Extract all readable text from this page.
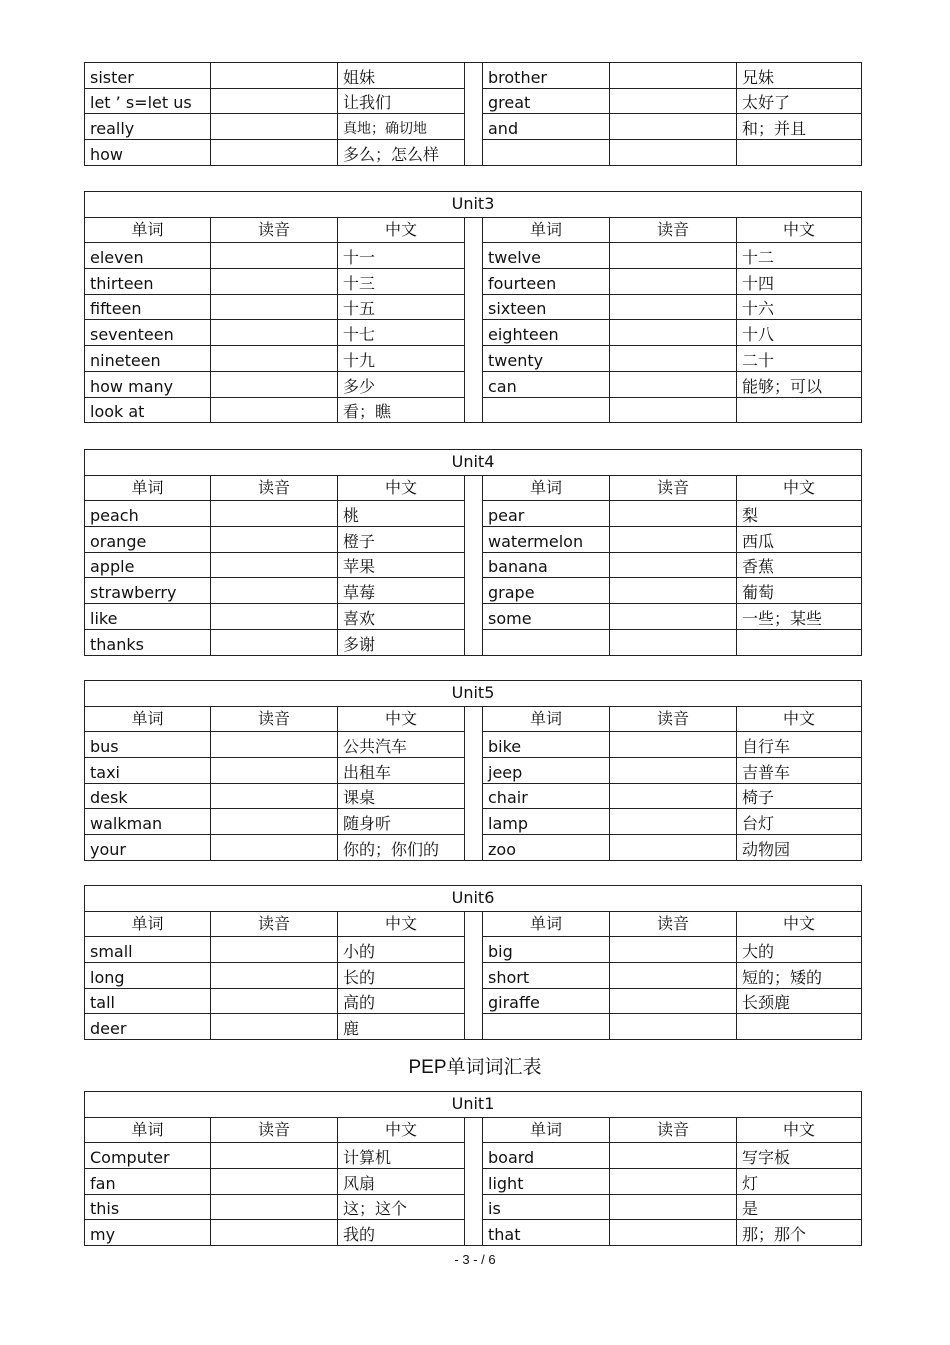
sister		姐妹		brother		兄妹
let ’ s=let us		让我们		great		太好了
really		真地；确切地		and		和；并且
how		多么；怎么样				
Unit3						
单词	读音	中文		单词	读音	中文
eleven		十一		twelve		十二
thirteen		十三		fourteen		十四
fifteen		十五		sixteen		十六
seventeen		十七		eighteen		十八
nineteen		十九		twenty		二十
how many		多少		can		能够；可以
look at		看；瞧				
Unit4						
单词	读音	中文		单词	读音	中文
peach		桃		pear		梨
orange		橙子		watermelon		西瓜
apple		苹果		banana		香蕉
strawberry		草莓		grape		葡萄
like		喜欢		some		一些；某些
thanks		多谢				
Unit5						
单词	读音	中文		单词	读音	中文
bus		公共汽车		bike		自行车
taxi		出租车		jeep		吉普车
desk		课桌		chair		椅子
walkman		随身听		lamp		台灯
your		你的；你们的		zoo		动物园
Unit6						
单词	读音	中文		单词	读音	中文
small		小的		big		大的
long		长的		short		短的；矮的
tall		高的		giraffe		长颈鹿
deer		鹿				
PEP单词词汇表
Unit1						
单词	读音	中文		单词	读音	中文
Computer		计算机		board		写字板
fan		风扇		light		灯
this		这；这个		is		是
my		我的		that		那；那个
- 3 - / 6
